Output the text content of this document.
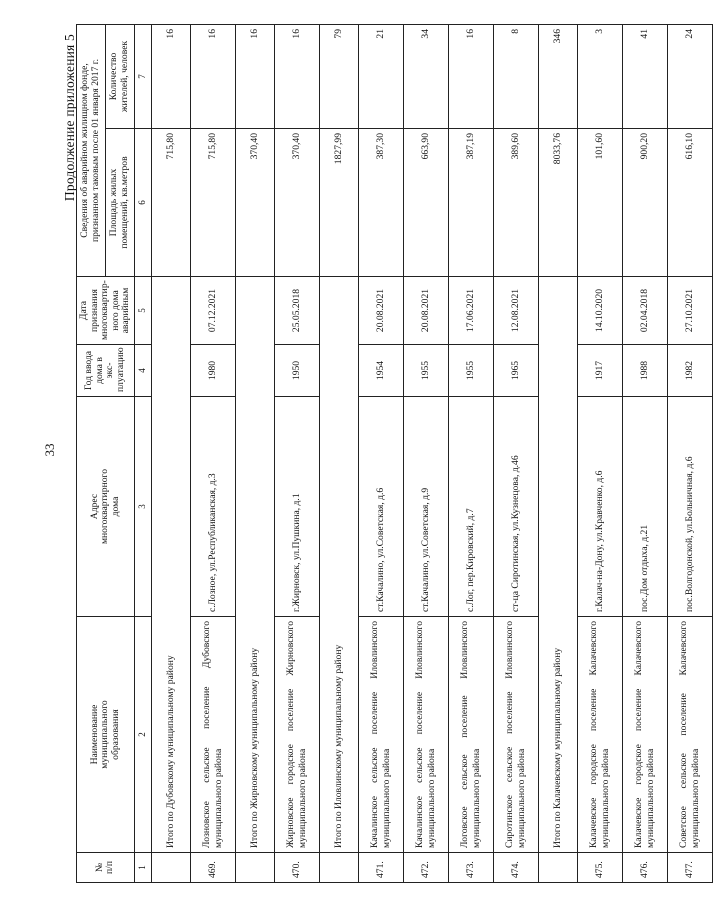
33
Продолжение приложения 5
№
п/п	Наименование
муниципального
образования	Адрес
многоквартирного
дома	Год ввода
дома в экс-
плуатацию	Дата признания
многоквартир-
ного дома
аварийным	Сведения об аварийном жилищном фонде,
признанном таковым после 01 января 2017 г.	
					Площадь жилых
помещений, кв.метров	Количество
жителей, человек
1	2	3	4	5	6	7
	Итого по Дубовскому муниципальному району				715,80	16
469.	Лозновское сельское поселение Дубовского муниципального района	с.Лозное, ул.Республиканская, д.3	1980	07.12.2021	715,80	16
	Итого по Жирновскому муниципальному району				370,40	16
470.	Жирновское городское поселение Жирновского муниципального района	г.Жирновск, ул.Пушкина, д.1	1950	25.05.2018	370,40	16
	Итого по Иловлинскому муниципальному району				1827,99	79
471.	Качалинское сельское поселение Иловлинского муниципального района	ст.Качалино, ул.Советская, д.6	1954	20.08.2021	387,30	21
472.	Качалинское сельское поселение Иловлинского муниципального района	ст.Качалино, ул.Советская, д.9	1955	20.08.2021	663,90	34
473.	Логовское сельское поселение Иловлинского муниципального района	с.Лог, пер.Кировский, д.7	1955	17.06.2021	387,19	16
474.	Сиротинское сельское поселение Иловлинского муниципального района	ст-ца Сиротинская, ул.Кузнецова, д.46	1965	12.08.2021	389,60	8
	Итого по Калачевскому муниципальному району				8033,76	346
475.	Калачевское городское поселение Калачевского муниципального района	г.Калач-на-Дону, ул.Кравченко, д.6	1917	14.10.2020	101,60	3
476.	Калачевское городское поселение Калачевского муниципального района	пос.Дом отдыха, д.21	1988	02.04.2018	900,20	41
477.	Советское сельское поселение Калачевского муниципального района	пос.Волгодонской, ул.Больничная, д.6	1982	27.10.2021	616,10	24
